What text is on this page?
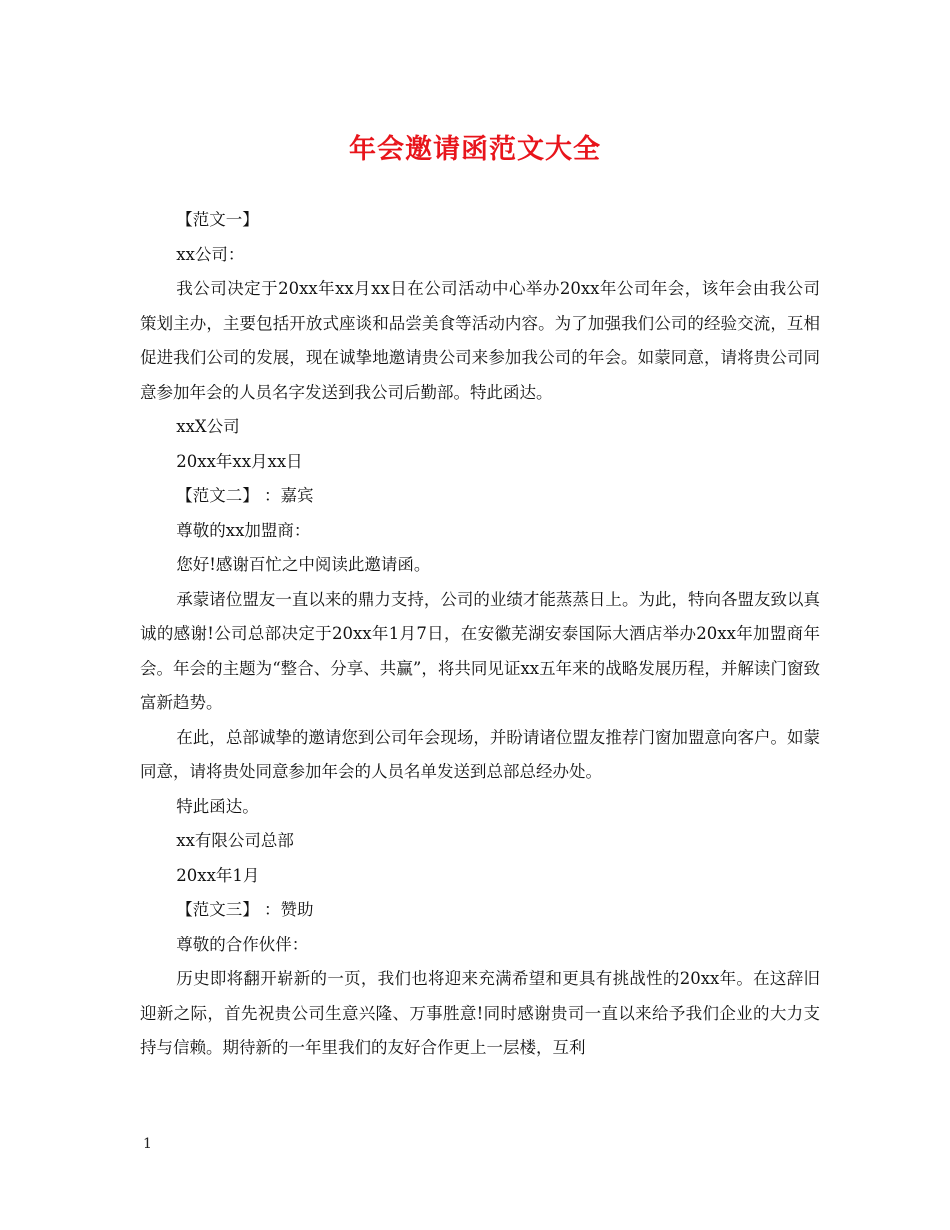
年会邀请函范文大全

【范文一】

xx公司：

我公司决定于20xx年xx月xx日在公司活动中心举办20xx年公司年会，该年会由我公司策划主办，主要包括开放式座谈和品尝美食等活动内容。为了加强我们公司的经验交流，互相促进我们公司的发展，现在诚挚地邀请贵公司来参加我公司的年会。如蒙同意，请将贵公司同意参加年会的人员名字发送到我公司后勤部。特此函达。

xxX公司

20xx年xx月xx日

【范文二】 ：嘉宾

尊敬的xx加盟商：

您好!感谢百忙之中阅读此邀请函。

承蒙诸位盟友一直以来的鼎力支持，公司的业绩才能蒸蒸日上。为此，特向各盟友致以真诚的感谢!公司总部决定于20xx年1月7日，在安徽芜湖安泰国际大酒店举办20xx年加盟商年会。年会的主题为“整合、分享、共赢”，将共同见证xx五年来的战略发展历程，并解读门窗致富新趋势。

在此，总部诚挚的邀请您到公司年会现场，并盼请诸位盟友推荐门窗加盟意向客户。如蒙同意，请将贵处同意参加年会的人员名单发送到总部总经办处。

特此函达。

xx有限公司总部

20xx年1月

【范文三】 ：赞助

尊敬的合作伙伴：

历史即将翻开崭新的一页，我们也将迎来充满希望和更具有挑战性的20xx年。在这辞旧迎新之际，首先祝贵公司生意兴隆、万事胜意!同时感谢贵司一直以来给予我们企业的大力支持与信赖。期待新的一年里我们的友好合作更上一层楼，互利

1
